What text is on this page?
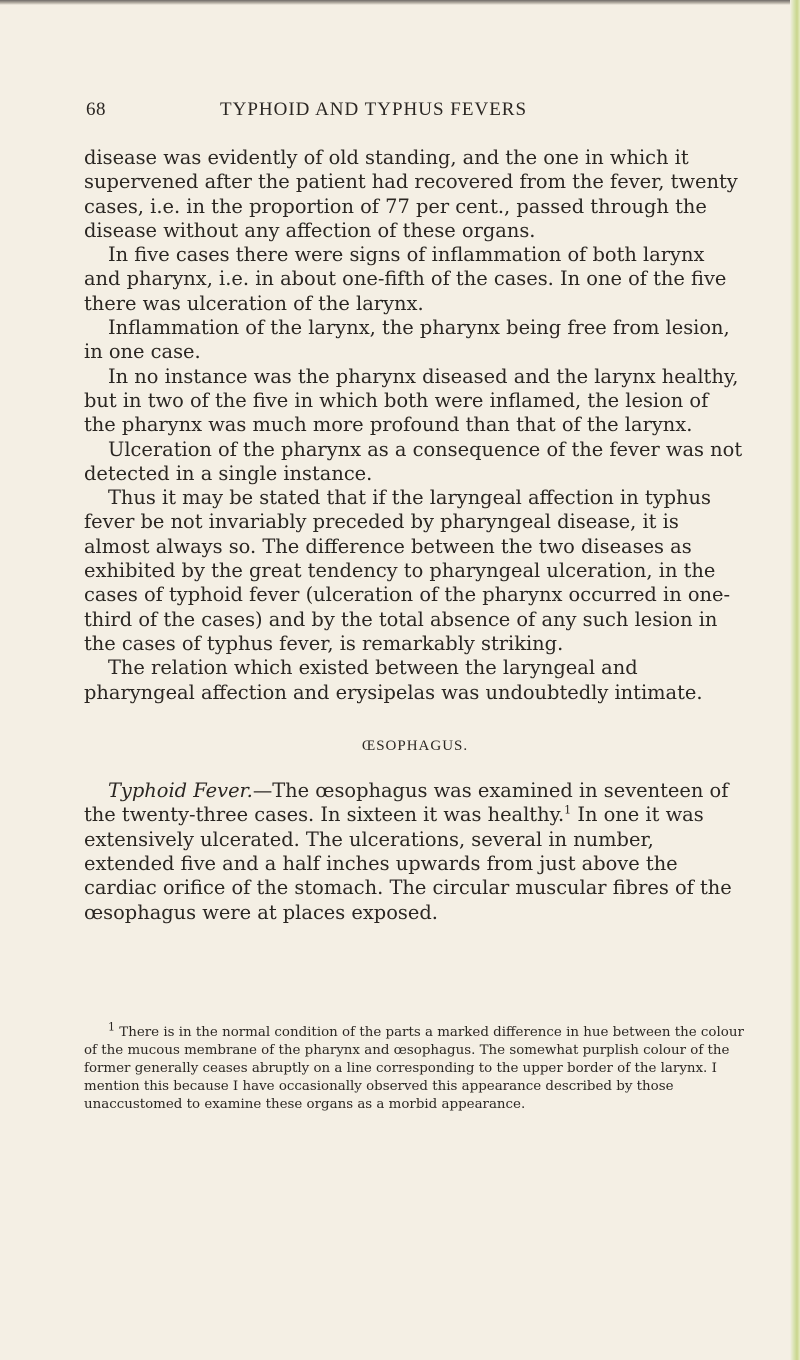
68	TYPHOID AND TYPHUS FEVERS

disease was evidently of old standing, and the one in which it supervened after the patient had recovered from the fever, twenty cases, i.e. in the proportion of 77 per cent., passed through the disease without any affection of these organs.

In five cases there were signs of inflammation of both larynx and pharynx, i.e. in about one-fifth of the cases. In one of the five there was ulceration of the larynx.

Inflammation of the larynx, the pharynx being free from lesion, in one case.

In no instance was the pharynx diseased and the larynx healthy, but in two of the five in which both were inflamed, the lesion of the pharynx was much more profound than that of the larynx.

Ulceration of the pharynx as a consequence of the fever was not detected in a single instance.

Thus it may be stated that if the laryngeal affection in typhus fever be not invariably preceded by pharyngeal disease, it is almost always so. The difference between the two diseases as exhibited by the great tendency to pharyngeal ulceration, in the cases of typhoid fever (ulceration of the pharynx occurred in one-third of the cases) and by the total absence of any such lesion in the cases of typhus fever, is remarkably striking.

The relation which existed between the laryngeal and pharyngeal affection and erysipelas was undoubtedly intimate.

ŒSOPHAGUS.

Typhoid Fever.—The œsophagus was examined in seventeen of the twenty-three cases. In sixteen it was healthy.$^1$ In one it was extensively ulcerated. The ulcerations, several in number, extended five and a half inches upwards from just above the cardiac orifice of the stomach. The circular muscular fibres of the œsophagus were at places exposed.

$^1$ There is in the normal condition of the parts a marked difference in hue between the colour of the mucous membrane of the pharynx and œsophagus. The somewhat purplish colour of the former generally ceases abruptly on a line corresponding to the upper border of the larynx. I mention this because I have occasionally observed this appearance described by those unaccustomed to examine these organs as a morbid appearance.
